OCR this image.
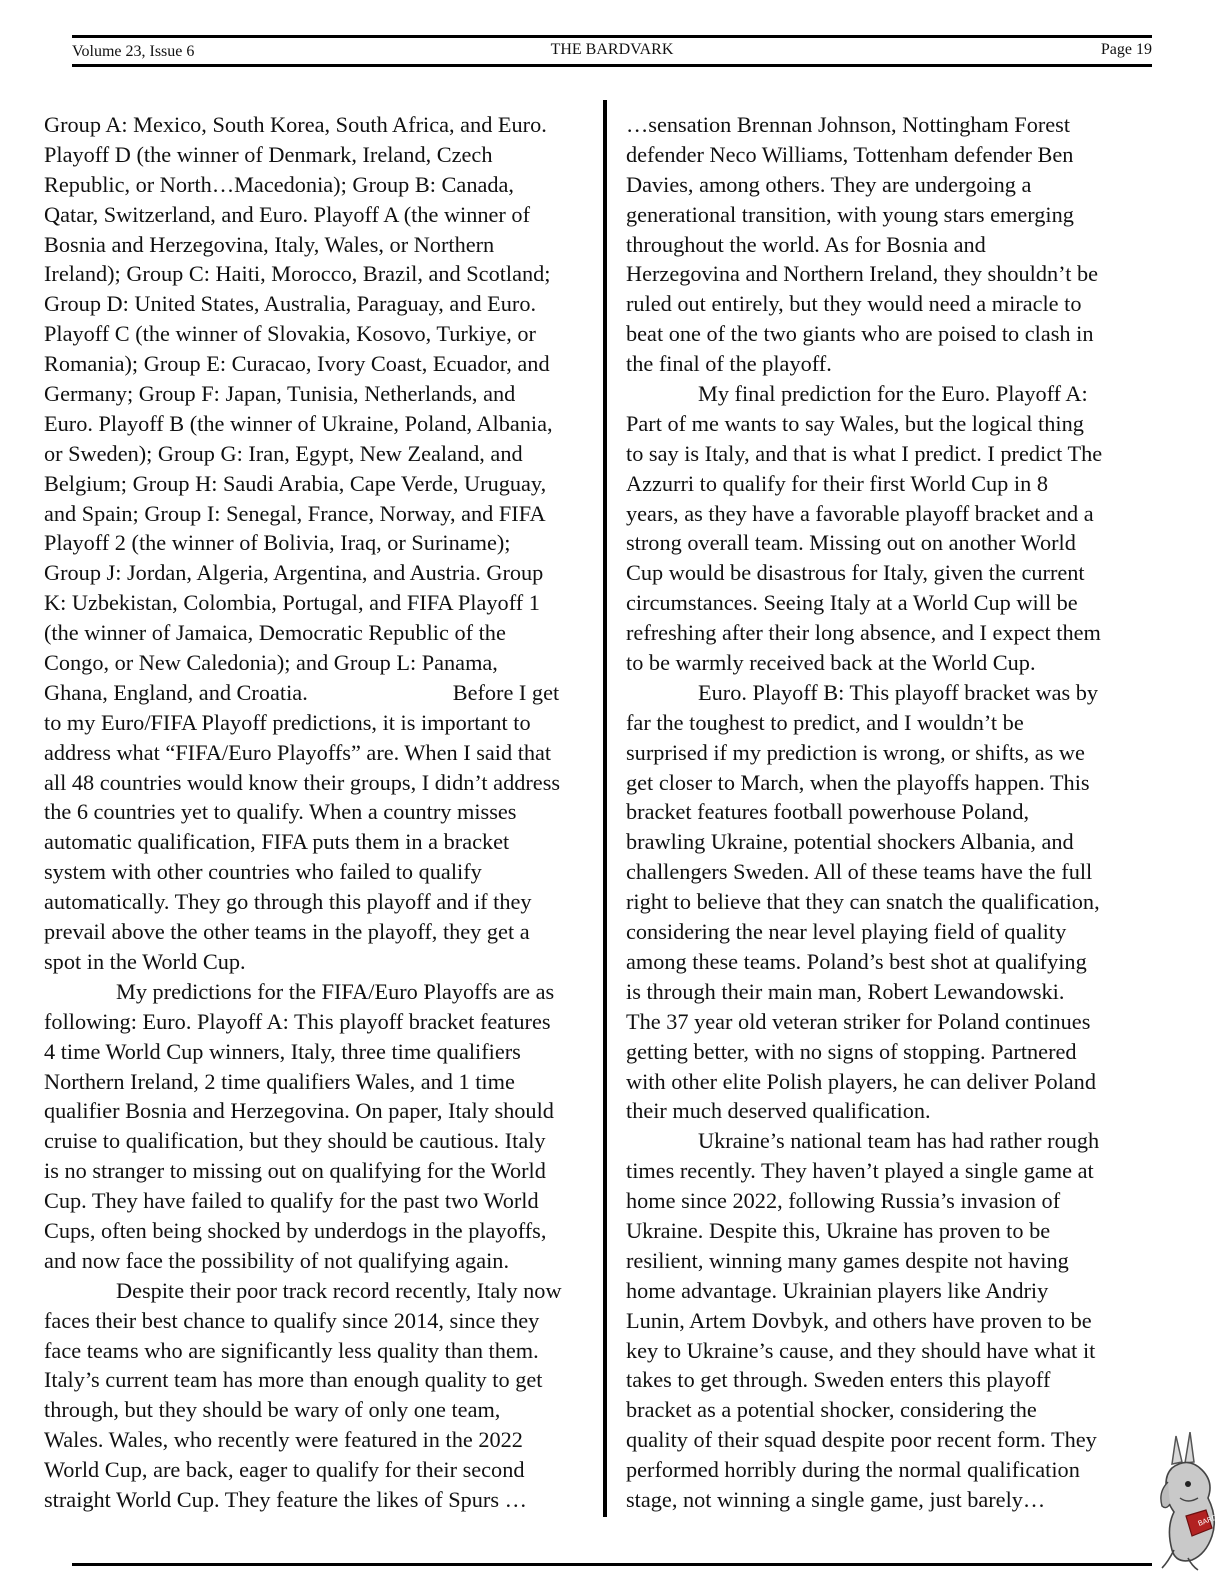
Volume 23, Issue 6	THE BARDVARK	Page 19
Group A: Mexico, South Korea, South Africa, and Euro.
Playoff D (the winner of Denmark, Ireland, Czech
Republic, or North…Macedonia); Group B: Canada,
Qatar, Switzerland, and Euro. Playoff A (the winner of
Bosnia and Herzegovina, Italy, Wales, or Northern
Ireland); Group C: Haiti, Morocco, Brazil, and Scotland;
Group D: United States, Australia, Paraguay, and Euro.
Playoff C (the winner of Slovakia, Kosovo, Turkiye, or
Romania); Group E: Curacao, Ivory Coast, Ecuador, and
Germany; Group F: Japan, Tunisia, Netherlands, and
Euro. Playoff B (the winner of Ukraine, Poland, Albania,
or Sweden); Group G: Iran, Egypt, New Zealand, and
Belgium; Group H: Saudi Arabia, Cape Verde, Uruguay,
and Spain; Group I: Senegal, France, Norway, and FIFA
Playoff 2 (the winner of Bolivia, Iraq, or Suriname);
Group J: Jordan, Algeria, Argentina, and Austria. Group
K: Uzbekistan, Colombia, Portugal, and FIFA Playoff 1
(the winner of Jamaica, Democratic Republic of the
Congo, or New Caledonia); and Group L: Panama,
Ghana, England, and Croatia.                          Before I get
to my Euro/FIFA Playoff predictions, it is important to
address what “FIFA/Euro Playoffs” are. When I said that
all 48 countries would know their groups, I didn’t address
the 6 countries yet to qualify. When a country misses
automatic qualification, FIFA puts them in a bracket
system with other countries who failed to qualify
automatically. They go through this playoff and if they
prevail above the other teams in the playoff, they get a
spot in the World Cup.
My predictions for the FIFA/Euro Playoffs are as
following: Euro. Playoff A: This playoff bracket features
4 time World Cup winners, Italy, three time qualifiers
Northern Ireland, 2 time qualifiers Wales, and 1 time
qualifier Bosnia and Herzegovina. On paper, Italy should
cruise to qualification, but they should be cautious. Italy
is no stranger to missing out on qualifying for the World
Cup. They have failed to qualify for the past two World
Cups, often being shocked by underdogs in the playoffs,
and now face the possibility of not qualifying again.
Despite their poor track record recently, Italy now
faces their best chance to qualify since 2014, since they
face teams who are significantly less quality than them.
Italy’s current team has more than enough quality to get
through, but they should be wary of only one team,
Wales. Wales, who recently were featured in the 2022
World Cup, are back, eager to qualify for their second
straight World Cup. They feature the likes of Spurs …
…sensation Brennan Johnson, Nottingham Forest
defender Neco Williams, Tottenham defender Ben
Davies, among others. They are undergoing a
generational transition, with young stars emerging
throughout the world. As for Bosnia and
Herzegovina and Northern Ireland, they shouldn’t be
ruled out entirely, but they would need a miracle to
beat one of the two giants who are poised to clash in
the final of the playoff.
My final prediction for the Euro. Playoff A:
Part of me wants to say Wales, but the logical thing
to say is Italy, and that is what I predict. I predict The
Azzurri to qualify for their first World Cup in 8
years, as they have a favorable playoff bracket and a
strong overall team. Missing out on another World
Cup would be disastrous for Italy, given the current
circumstances. Seeing Italy at a World Cup will be
refreshing after their long absence, and I expect them
to be warmly received back at the World Cup.
Euro. Playoff B: This playoff bracket was by
far the toughest to predict, and I wouldn’t be
surprised if my prediction is wrong, or shifts, as we
get closer to March, when the playoffs happen. This
bracket features football powerhouse Poland,
brawling Ukraine, potential shockers Albania, and
challengers Sweden. All of these teams have the full
right to believe that they can snatch the qualification,
considering the near level playing field of quality
among these teams. Poland’s best shot at qualifying
is through their main man, Robert Lewandowski.
The 37 year old veteran striker for Poland continues
getting better, with no signs of stopping. Partnered
with other elite Polish players, he can deliver Poland
their much deserved qualification.
Ukraine’s national team has had rather rough
times recently. They haven’t played a single game at
home since 2022, following Russia’s invasion of
Ukraine. Despite this, Ukraine has proven to be
resilient, winning many games despite not having
home advantage. Ukrainian players like Andriy
Lunin, Artem Dovbyk, and others have proven to be
key to Ukraine’s cause, and they should have what it
takes to get through. Sweden enters this playoff
bracket as a potential shocker, considering the
quality of their squad despite poor recent form. They
performed horribly during the normal qualification
stage, not winning a single game, just barely…
BARD
